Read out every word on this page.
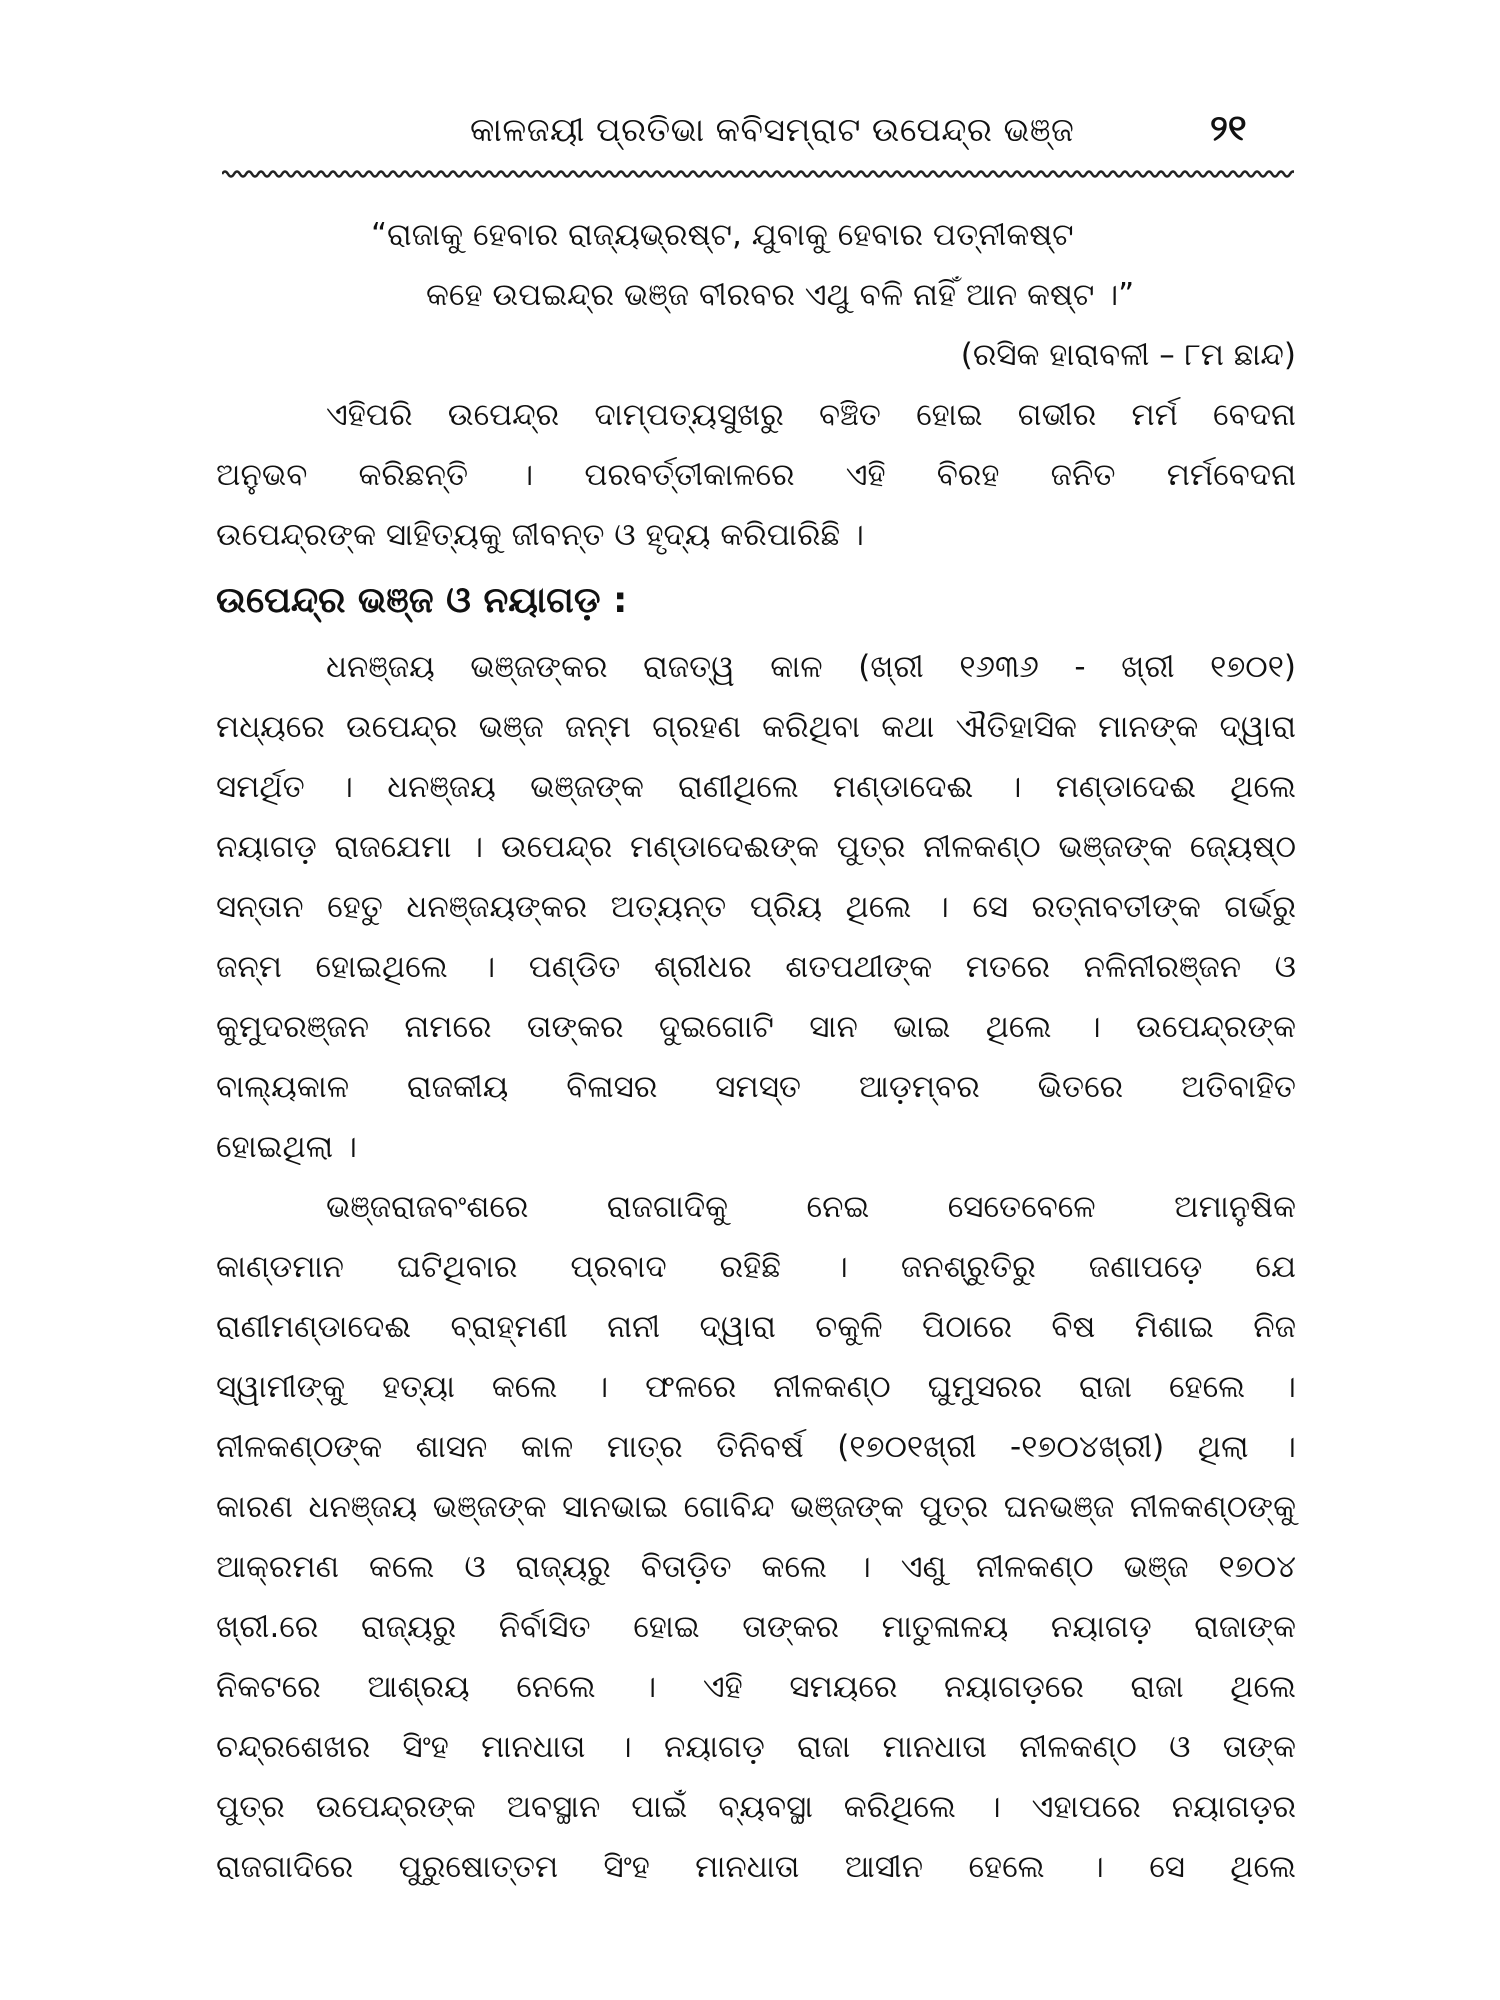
କାଳଜୟୀ ପ୍ରତିଭା କବିସମ୍ରାଟ ଉପେନ୍ଦ୍ର ଭଞ୍ଜ	୨୧
“ରାଜାକୁ ହେବାର ରାଜ୍ୟଭ୍ରଷ୍ଟ, ଯୁବାକୁ ହେବାର ପତ୍ନୀକଷ୍ଟ
କହେ ଉପଇନ୍ଦ୍ର ଭଞ୍ଜ ବୀରବର ଏଥୁ ବଳି ନାହିଁ ଆନ କଷ୍ଟ ।”
(ରସିକ ହାରାବଳୀ – ୮ମ ଛାନ୍ଦ)
ଏହିପରି ଉପେନ୍ଦ୍ର ଦାମ୍ପତ୍ୟସୁଖରୁ ବଞ୍ଚିତ ହୋଇ ଗଭୀର ମର୍ମ ବେଦନା
ଅନୁଭବ କରିଛନ୍ତି । ପରବର୍ତ୍ତୀକାଳରେ ଏହି ବିରହ ଜନିତ ମର୍ମବେଦନା
ଉପେନ୍ଦ୍ରଙ୍କ ସାହିତ୍ୟକୁ ଜୀବନ୍ତ ଓ ହୃଦ୍ୟ କରିପାରିଛି ।
ଉପେନ୍ଦ୍ର ଭଞ୍ଜ ଓ ନୟାଗଡ଼ :
ଧନଞ୍ଜୟ ଭଞ୍ଜଙ୍କର ରାଜତ୍ୱ କାଳ (ଖ୍ରୀ ୧୬୩୬ - ଖ୍ରୀ ୧୭୦୧)
ମଧ୍ୟରେ ଉପେନ୍ଦ୍ର ଭଞ୍ଜ ଜନ୍ମ ଗ୍ରହଣ କରିଥିବା କଥା ଐତିହାସିକ ମାନଙ୍କ ଦ୍ୱାରା
ସମର୍ଥିତ । ଧନଞ୍ଜୟ ଭଞ୍ଜଙ୍କ ରାଣୀଥିଲେ ମଣ୍ଡାଦେଈ । ମଣ୍ଡାଦେଈ ଥିଲେ
ନୟାଗଡ଼ ରାଜଯେମା । ଉପେନ୍ଦ୍ର ମଣ୍ଡାଦେଈଙ୍କ ପୁତ୍ର ନୀଳକଣ୍ଠ ଭଞ୍ଜଙ୍କ ଜ୍ୟେଷ୍ଠ
ସନ୍ତାନ ହେତୁ ଧନଞ୍ଜୟଙ୍କର ଅତ୍ୟନ୍ତ ପ୍ରିୟ ଥିଲେ । ସେ ରତ୍ନାବତୀଙ୍କ ଗର୍ଭରୁ
ଜନ୍ମ ହୋଇଥିଲେ । ପଣ୍ଡିତ ଶ୍ରୀଧର ଶତପଥୀଙ୍କ ମତରେ ନଳିନୀରଞ୍ଜନ ଓ
କୁମୁଦରଞ୍ଜନ ନାମରେ ତାଙ୍କର ଦୁଇଗୋଟି ସାନ ଭାଇ ଥିଲେ । ଉପେନ୍ଦ୍ରଙ୍କ
ବାଲ୍ୟକାଳ ରାଜକୀୟ ବିଳାସର ସମସ୍ତ ଆଡ଼ମ୍ବର ଭିତରେ ଅତିବାହିତ
ହୋଇଥିଲା ।
ଭଞ୍ଜରାଜବଂଶରେ ରାଜଗାଦିକୁ ନେଇ ସେତେବେଳେ ଅମାନୁଷିକ
କାଣ୍ଡମାନ ଘଟିଥିବାର ପ୍ରବାଦ ରହିଛି । ଜନଶ୍ରୁତିରୁ ଜଣାପଡ଼େ ଯେ
ରାଣୀମଣ୍ଡାଦେଈ ବ୍ରାହ୍ମଣୀ ନାନୀ ଦ୍ୱାରା ଚକୁଳି ପିଠାରେ ବିଷ ମିଶାଇ ନିଜ
ସ୍ୱାମୀଙ୍କୁ ହତ୍ୟା କଲେ । ଫଳରେ ନୀଳକଣ୍ଠ ଘୁମୁସରର ରାଜା ହେଲେ ।
ନୀଳକଣ୍ଠଙ୍କ ଶାସନ କାଳ ମାତ୍ର ତିନିବର୍ଷ (୧୭୦୧ଖ୍ରୀ -୧୭୦୪ଖ୍ରୀ) ଥିଲା ।
କାରଣ ଧନଞ୍ଜୟ ଭଞ୍ଜଙ୍କ ସାନଭାଇ ଗୋବିନ୍ଦ ଭଞ୍ଜଙ୍କ ପୁତ୍ର ଘନଭଞ୍ଜ ନୀଳକଣ୍ଠଙ୍କୁ
ଆକ୍ରମଣ କଲେ ଓ ରାଜ୍ୟରୁ ବିତାଡ଼ିତ କଲେ । ଏଣୁ ନୀଳକଣ୍ଠ ଭଞ୍ଜ ୧୭୦୪
ଖ୍ରୀ.ରେ ରାଜ୍ୟରୁ ନିର୍ବାସିତ ହୋଇ ତାଙ୍କର ମାତୁଳାଳୟ ନୟାଗଡ଼ ରାଜାଙ୍କ
ନିକଟରେ ଆଶ୍ରୟ ନେଲେ । ଏହି ସମୟରେ ନୟାଗଡ଼ରେ ରାଜା ଥିଲେ
ଚନ୍ଦ୍ରଶେଖର ସିଂହ ମାନଧାତା । ନୟାଗଡ଼ ରାଜା ମାନଧାତା ନୀଳକଣ୍ଠ ଓ ତାଙ୍କ
ପୁତ୍ର ଉପେନ୍ଦ୍ରଙ୍କ ଅବସ୍ଥାନ ପାଇଁ ବ୍ୟବସ୍ଥା କରିଥିଲେ । ଏହାପରେ ନୟାଗଡ଼ର
ରାଜଗାଦିରେ ପୁରୁଷୋତ୍ତମ ସିଂହ ମାନଧାତା ଆସୀନ ହେଲେ । ସେ ଥିଲେ
